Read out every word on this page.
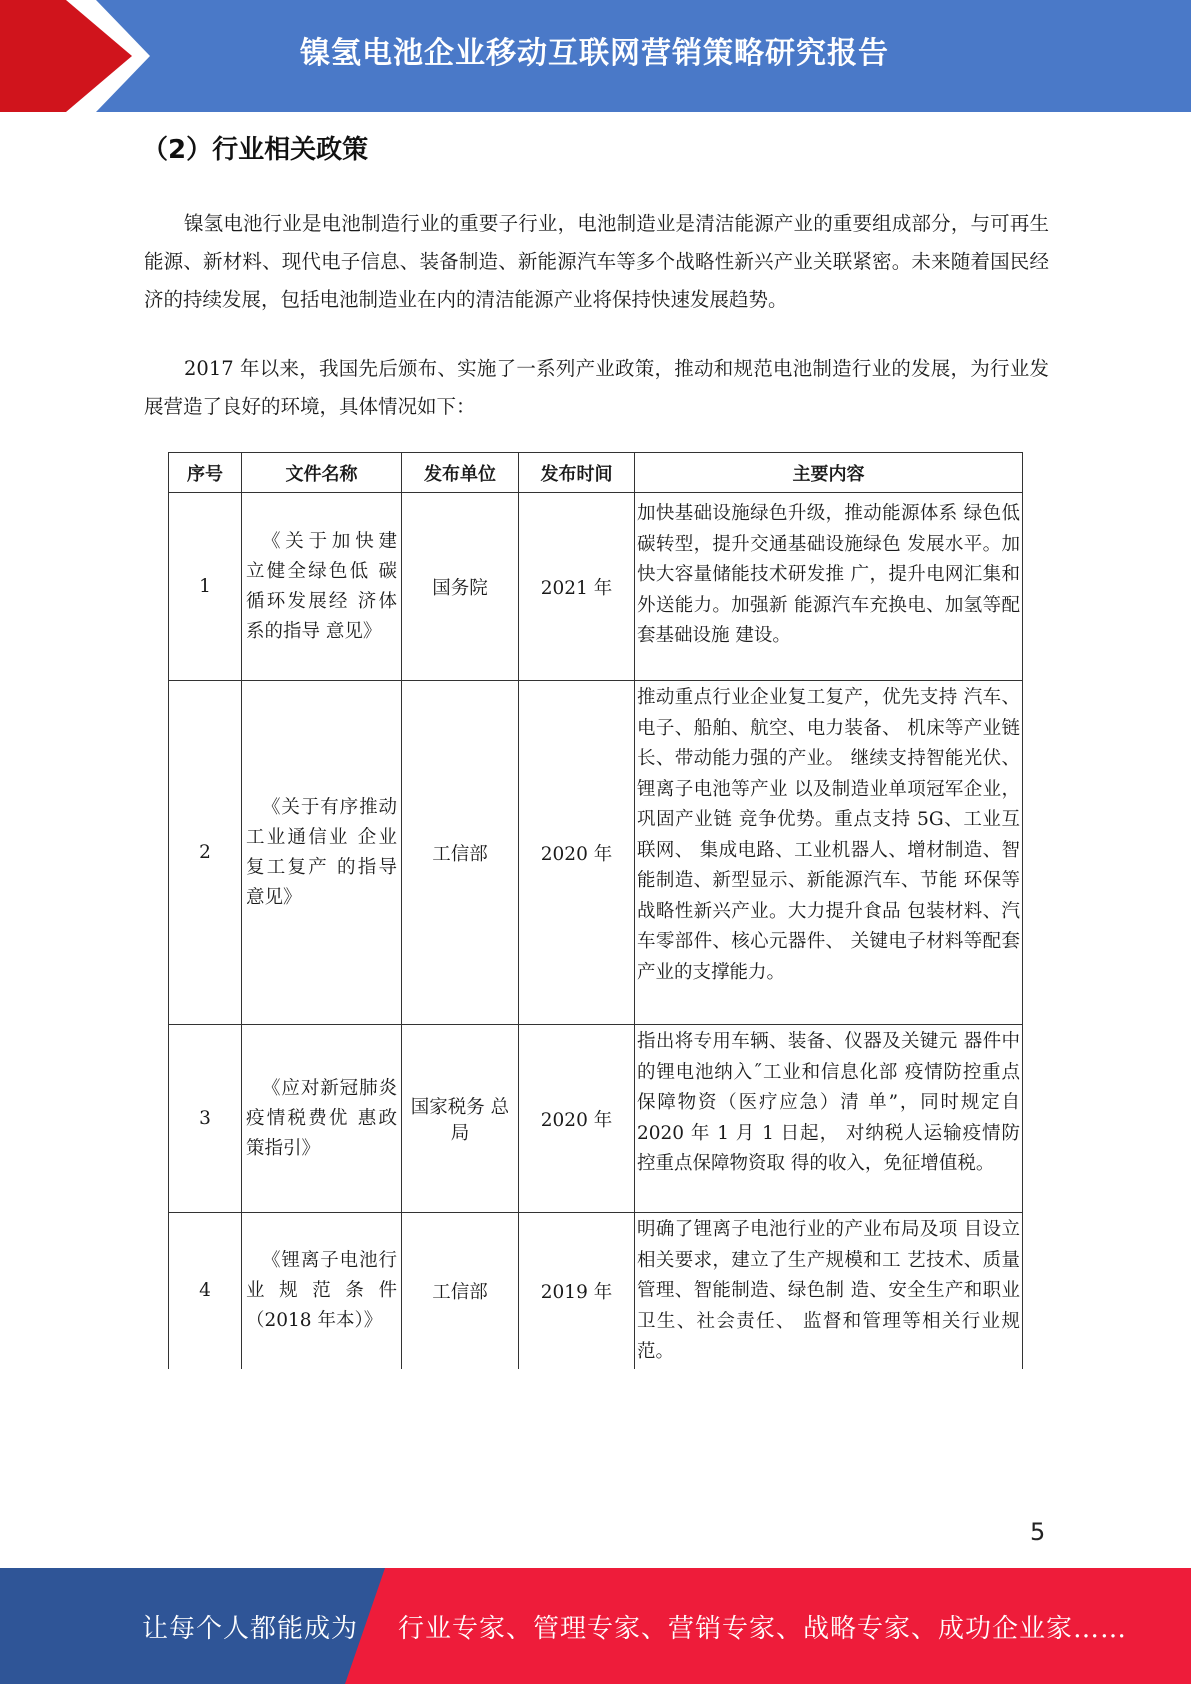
镍氢电池企业移动互联网营销策略研究报告
（2）行业相关政策

镍氢电池行业是电池制造行业的重要子行业，电池制造业是清洁能源产业的重要组成部分，与可再生能源、新材料、现代电子信息、装备制造、新能源汽车等多个战略性新兴产业关联紧密。未来随着国民经济的持续发展，包括电池制造业在内的清洁能源产业将保持快速发展趋势。

2017 年以来，我国先后颁布、实施了一系列产业政策，推动和规范电池制造行业的发展，为行业发展营造了良好的环境，具体情况如下：

序号	文件名称	发布单位	发布时间	主要内容
1	《关于加快建 立健全绿色低 碳循环发展经 济体系的指导 意见》	国务院	2021 年	加快基础设施绿色升级，推动能源体系 绿色低碳转型，提升交通基础设施绿色 发展水平。加快大容量储能技术研发推 广，提升电网汇集和外送能力。加强新 能源汽车充换电、加氢等配套基础设施 建设。
2	《关于有序推动工业通信业 企业复工复产 的指导意见》	工信部	2020 年	推动重点行业企业复工复产，优先支持 汽车、电子、船舶、航空、电力装备、 机床等产业链长、带动能力强的产业。 继续支持智能光伏、锂离子电池等产业 以及制造业单项冠军企业，巩固产业链 竞争优势。重点支持 5G、工业互联网、 集成电路、工业机器人、增材制造、智 能制造、新型显示、新能源汽车、节能 环保等战略性新兴产业。大力提升食品 包装材料、汽车零部件、核心元器件、 关键电子材料等配套产业的支撑能力。
3	《应对新冠肺炎疫情税费优 惠政策指引》	国家税务 总局	2020 年	指出将专用车辆、装备、仪器及关键元 器件中的锂电池纳入˝工业和信息化部 疫情防控重点保障物资（医疗应急）清 单”，同时规定自 2020 年 1 月 1 日起， 对纳税人运输疫情防控重点保障物资取 得的收入，免征增值税。
4	《锂离子电池行业规范条件（2018 年本）》	工信部	2019 年	明确了锂离子电池行业的产业布局及项 目设立相关要求，建立了生产规模和工 艺技术、质量管理、智能制造、绿色制 造、安全生产和职业卫生、社会责任、 监督和管理等相关行业规范。
5
让每个人都能成为 行业专家、管理专家、营销专家、战略专家、成功企业家……
